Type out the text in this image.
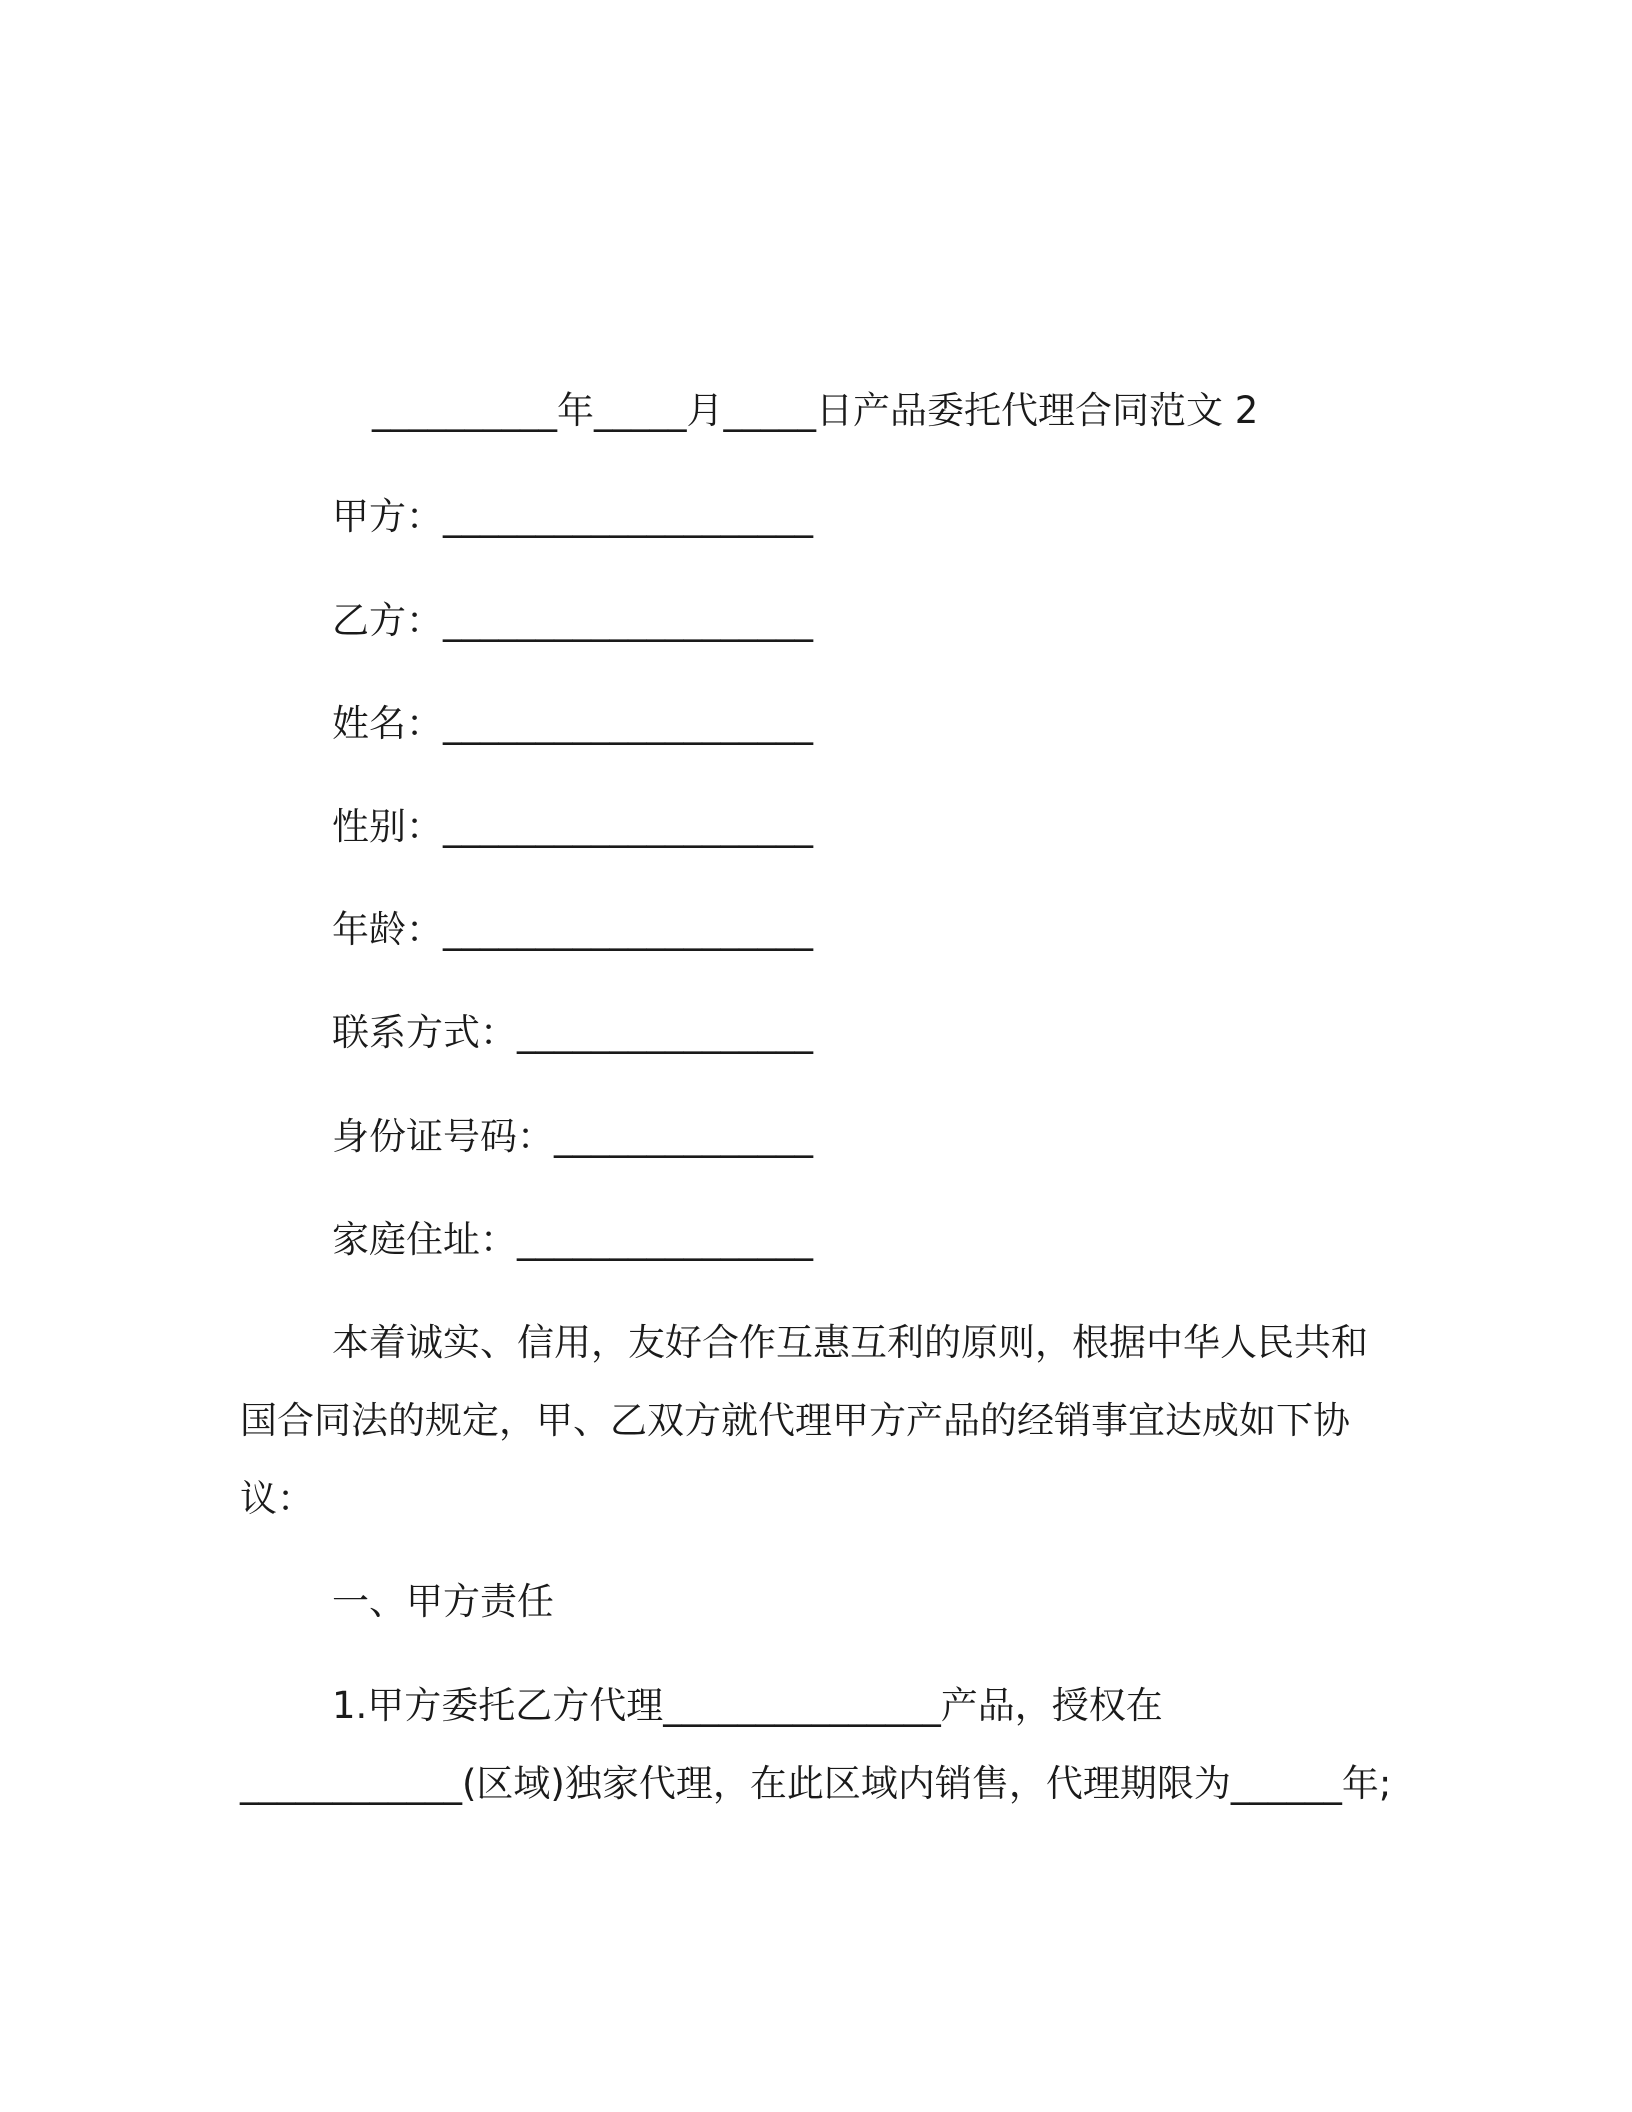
__________年_____月_____日产品委托代理合同范文 2
甲方：____________________
乙方：____________________
姓名：____________________
性别：____________________
年龄：____________________
联系方式：________________
身份证号码：______________
家庭住址：________________
本着诚实、信用，友好合作互惠互利的原则，根据中华人民共和
国合同法的规定，甲、乙双方就代理甲方产品的经销事宜达成如下协
议：
一、甲方责任
1.甲方委托乙方代理_______________产品，授权在
____________(区域)独家代理，在此区域内销售，代理期限为______年;
